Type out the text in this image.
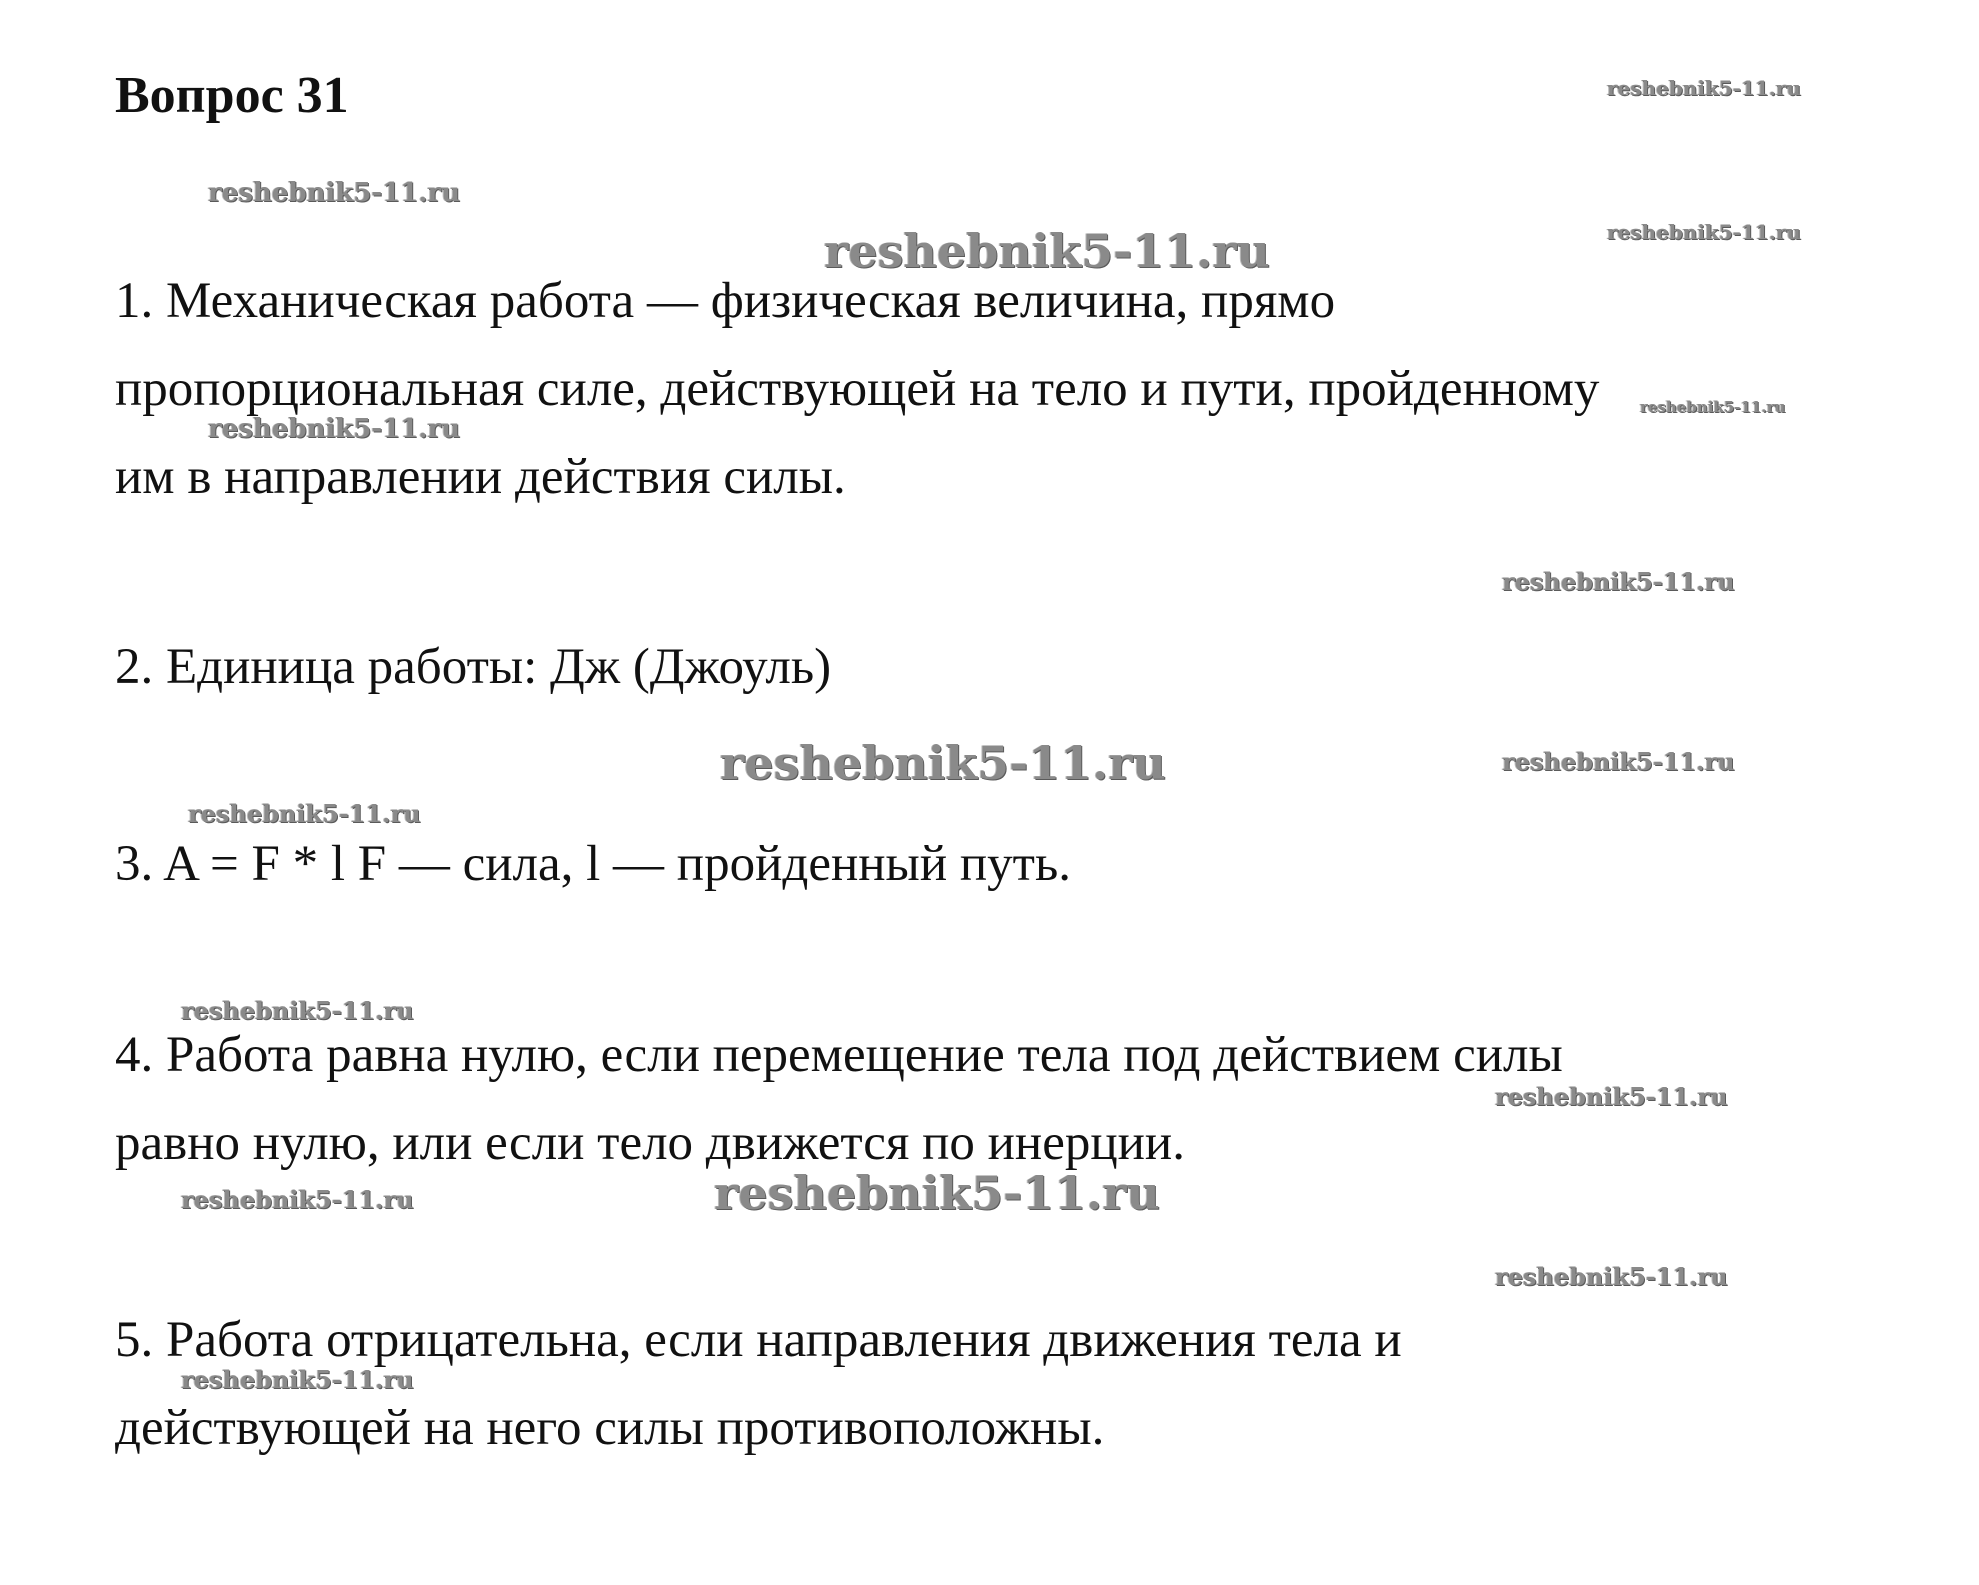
Вопрос 31

1. Механическая работа — физическая величина, прямо
пропорциональная силе, действующей на тело и пути, пройденному
им в направлении действия силы.

2. Единица работы: Дж (Джоуль)

3. A = F * l F — сила, l — пройденный путь.

4. Работа равна нулю, если перемещение тела под действием силы
равно нулю, или если тело движется по инерции.

5. Работа отрицательна, если направления движения тела и
действующей на него силы противоположны.

reshebnik5-11.ru
reshebnik5-11.ru
reshebnik5-11.ru	reshebnik5-11.ru
reshebnik5-11.ru
reshebnik5-11.ru
reshebnik5-11.ru
reshebnik5-11.ru	reshebnik5-11.ru
reshebnik5-11.ru
reshebnik5-11.ru
reshebnik5-11.ru
reshebnik5-11.ru	reshebnik5-11.ru
reshebnik5-11.ru
reshebnik5-11.ru
